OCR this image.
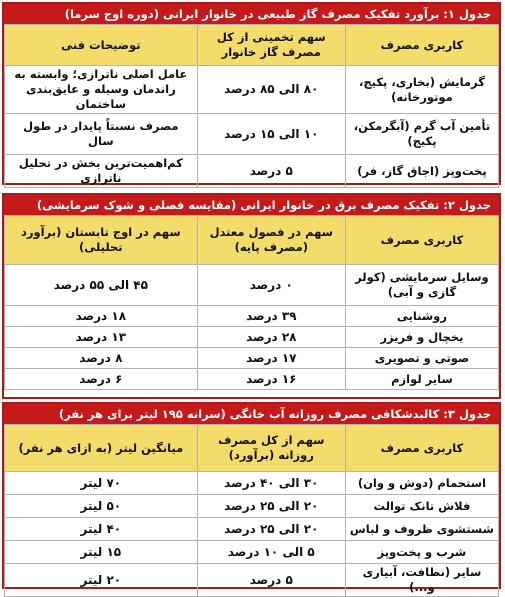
جدول ۱: برآورد تفکیک مصرف گاز طبیعی در خانوار ایرانی (دوره اوج سرما)
کاربری مصرف	سهم تخمینی از کل مصرف گاز خانوار	توضیحات فنی
گرمایش (بخاری، پکیج، موتورخانه)	۸۰ الی ۸۵ درصد	عامل اصلی ناترازی؛ وابسته به راندمان وسیله و عایق‌بندی ساختمان
تأمین آب گرم (آبگرمکن، پکیج)	۱۰ الی ۱۵ درصد	مصرف نسبتاً پایدار در طول سال
پخت‌وپز (اجاق گاز، فر)	۵ درصد	کم‌اهمیت‌ترین بخش در تحلیل ناترازی
جدول ۲: تفکیک مصرف برق در خانوار ایرانی (مقایسه فصلی و شوک سرمایشی)
کاربری مصرف	سهم در فصول معتدل (مصرف پایه)	سهم در اوج تابستان (برآورد تحلیلی)
وسایل سرمایشی (کولر گازی و آبی)	۰ درصد	۴۵ الی ۵۵ درصد
روشنایی	۳۹ درصد	۱۸ درصد
یخچال و فریزر	۲۸ درصد	۱۳ درصد
صوتی و تصویری	۱۷ درصد	۸ درصد
سایر لوازم	۱۶ درصد	۶ درصد
جدول ۳: کالبدشکافی مصرف روزانه آب خانگی (سرانه ۱۹۵ لیتر برای هر نفر)
کاربری مصرف	سهم از کل مصرف روزانه (برآورد)	میانگین لیتر (به ازای هر نفر)
استحمام (دوش و وان)	۳۰ الی ۴۰ درصد	۷۰ لیتر
فلاش تانک توالت	۲۰ الی ۲۵ درصد	۵۰ لیتر
شستشوی ظروف و لباس	۲۰ الی ۲۵ درصد	۴۰ لیتر
شرب و پخت‌وپز	۵ الی ۱۰ درصد	۱۵ لیتر
سایر (نظافت، آبیاری و...)	۵ درصد	۲۰ لیتر
